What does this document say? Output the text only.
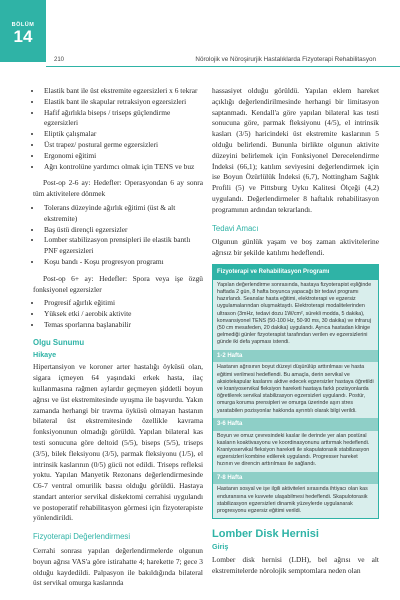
BÖLÜM
14
210	Nörolojik ve Nöroşirurjik Hastalıklarda Fizyoterapi Rehabilitasyon
• Elastik bant ile üst ekstremite egzersizleri x 6 tekrar
• Elastik bant ile skapular retraksiyon egzersizleri
• Hafif ağırlıkla biseps / triseps güçlendirme egzersizleri
• Eliptik çalışmalar
• Üst trapez/ postural germe egzersizleri
• Ergonomi eğitimi
• Ağrı kontrolüne yardımcı olmak için TENS ve buz

Post-op 2-6 ay: Hedefler: Operasyondan 6 ay sonra tüm aktivitelere dönmek

• Tolerans düzeyinde ağırlık eğitimi (üst & alt ekstremite)
• Baş üstü dirençli egzersizler
• Lomber stabilizasyon prensipleri ile elastik bantlı PNF egzersizleri
• Koşu bandı - Koşu progresyon programı

Post-op 6+ ay: Hedefler: Spora veya işe özgü fonksiyonel egzersizler

• Progresif ağırlık eğitimi
• Yüksek etki / aerobik aktivite
• Temas sporlarına başlanabilir
Olgu Sunumu
Hikaye

Hipertansiyon ve koroner arter hastalığı öyküsü olan, sigara içmeyen 64 yaşındaki erkek hasta, ilaç kullanmasına rağmen aylardır geçmeyen şiddetli boyun ağrısı ve üst ekstremitesinde uyuşma ile başvurdu. Yakın zamanda herhangi bir travma öyküsü olmayan hastanın bilateral üst ekstremitesinde özellikle kavrama fonksiyonunun olmadığı görüldü. Yapılan bilateral kas testi sonucuna göre deltoid (5/5), biseps (5/5), triseps (3/5), bilek fleksiyonu (3/5), parmak fleksiyonu (1/5), el intrinsik kaslarının (0/5) gücü not edildi. Triseps refleksi yoktu. Yapılan Manyetik Rezonans değerlendirmesinde C6-7 ventral omurilik basısı olduğu görüldü. Hastaya standart anterior servikal diskektomi cerrahisi uygulandı ve postoperatif rehabilitasyon görmesi için fizyoterapiste yönlendirildi.

Fizyoterapi Değerlendirmesi

Cerrahi sonrası yapılan değerlendirmelerde olgunun boyun ağrısı VAS'a göre istirahatte 4; harekette 7; gece 3 olduğu kaydedildi. Palpasyon ile bakıldığında bilateral üst servikal omurga kaslarında

hassasiyet olduğu görüldü. Yapılan eklem hareket açıklığı değerlendirilmesinde herhangi bir limitasyon saptanmadı. Kendall'a göre yapılan bilateral kas testi sonucuna göre, parmak fleksiyonu (4/5), el intrinsik kasları (3/5) haricindeki üst ekstremite kaslarının 5 olduğu belirlendi. Bununla birlikte olgunun aktivite düzeyini belirlemek için Fonksiyonel Derecelendirme İndeksi (66,1); katılım seviyesini değerlendirmek için ise Boyun Özürlülük İndeksi (6,7), Nottingham Sağlık Profili (5) ve Pittsburg Uyku Kalitesi Ölçeği (4,2) uygulandı. Değerlendirmeler 8 haftalık rehabilitasyon programının ardından tekrarlandı.

Tedavi Amacı

Olgunun günlük yaşam ve boş zaman aktivitelerine ağrısız bir şekilde katılımı hedeflendi.

Fizyoterapi ve Rehabilitasyon Programı
Yapılan değerlendirme sonrasında, hastaya fizyoterapist eşliğinde haftada 2 gün, 8 hafta boyunca yapacağı bir tedavi programı hazırlandı. Seanslar hasta eğitimi, elektroterapi ve egzersiz uygulamalarından oluşmaktaydı. Elektroterapi modalitelerinden ultrason (3mHz, tedavi dozu 1W/cm², sürekli modda, 5 dakika), konvansiyonel TENS (50-100 Hz, 50-90 ms, 30 dakika) ve infraruj (50 cm mesafeden, 20 dakika) uygulandı. Ayrıca hastadan klinige gelmediği günler fizyoterapist tarafından verilen ev egzersizlerini günde iki defa yapması istendi.
1-2 Hafta
Hastanın ağrısının boyut düzeyi düşürülüp arttırılması ve hasta eğitimi verilmesi hedeflendi. Bu amaçla, derin servikal ve aksiotekapular kaslarını aktive edecek egzersizler hastaya öğretildi ve kraniyoservikal fleksiyon hareketi hastaya farklı pozisyonlarda öğretilerek servikal stabilizasyon egzersizleri uygulandı. Postür, omurga koruma prensipleri ve omurga üzerinde aşırı stres yaratabilen pozisyonlar hakkında ayrıntılı olarak bilgi verildi.
3-6 Hafta
Boyun ve omuz çevresindeki kaslar ile derinde yer alan postüral kasların koaktivasyonu ve koordinasyonunu arttırmak hedeflendi. Kraniyoservikal fleksiyon hareketi ile skapulatorasik stabilizasyon egzersizleri kombine edilerek uygulandı. Progresser hareket hızının ve direncin arttırılması ile sağlandı.
7-8 Hafta
Hastanın sosyal ve işe ilgili aktiviteleri sırasında ihtiyacı olan kas enduransına ve kuvvete ulaşabilmesi hedeflendi. Skapulotorasik stabilizasyon egzersizleri dinamik yüzeylerde uygulanarak progresyonu egzersiz eğitimi verildi.
Lomber Disk Hernisi
Giriş

Lomber disk hernisi (LDH), bel ağrısı ve alt ekstremitelerde nörolojik semptomlara neden olan
